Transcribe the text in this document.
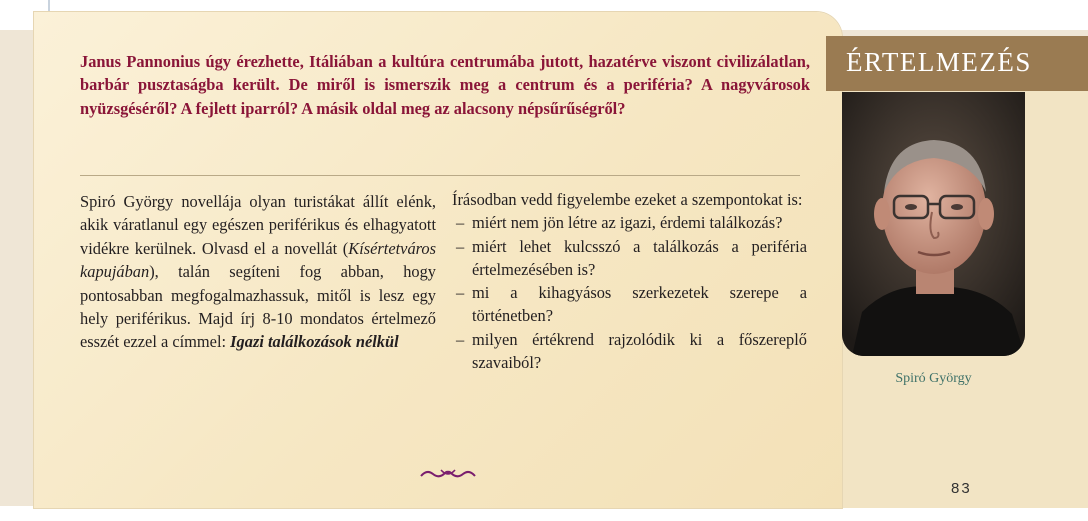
Janus Pannonius úgy érezhette, Itáliában a kultúra centrumába jutott, hazatérve viszont civilizálatlan, barbár pusztaságba került. De miről is ismerszik meg a centrum és a periféria? A nagyvárosok nyüzsgéséről? A fejlett iparról? A másik oldal meg az alacsony népsűrűségről?

Spiró György novellája olyan turistákat állít elénk, akik váratlanul egy egészen periférikus és elhagyatott vidékre kerülnek. Olvasd el a novellát (Kísértetváros kapujában), talán segíteni fog abban, hogy pontosabban megfogalmazhassuk, mitől is lesz egy hely periférikus. Majd írj 8-10 mondatos értelmező esszét ezzel a címmel: Igazi találkozások nélkül

Írásodban vedd figyelembe ezeket a szempontokat is:

– miért nem jön létre az igazi, érdemi találkozás?
– miért lehet kulcsszó a találkozás a periféria értelmezésében is?
– mi a kihagyásos szerkezetek szerepe a történetben?
– milyen értékrend rajzolódik ki a főszereplő szavaiból?
ÉRTELMEZÉS
Spiró György
83
